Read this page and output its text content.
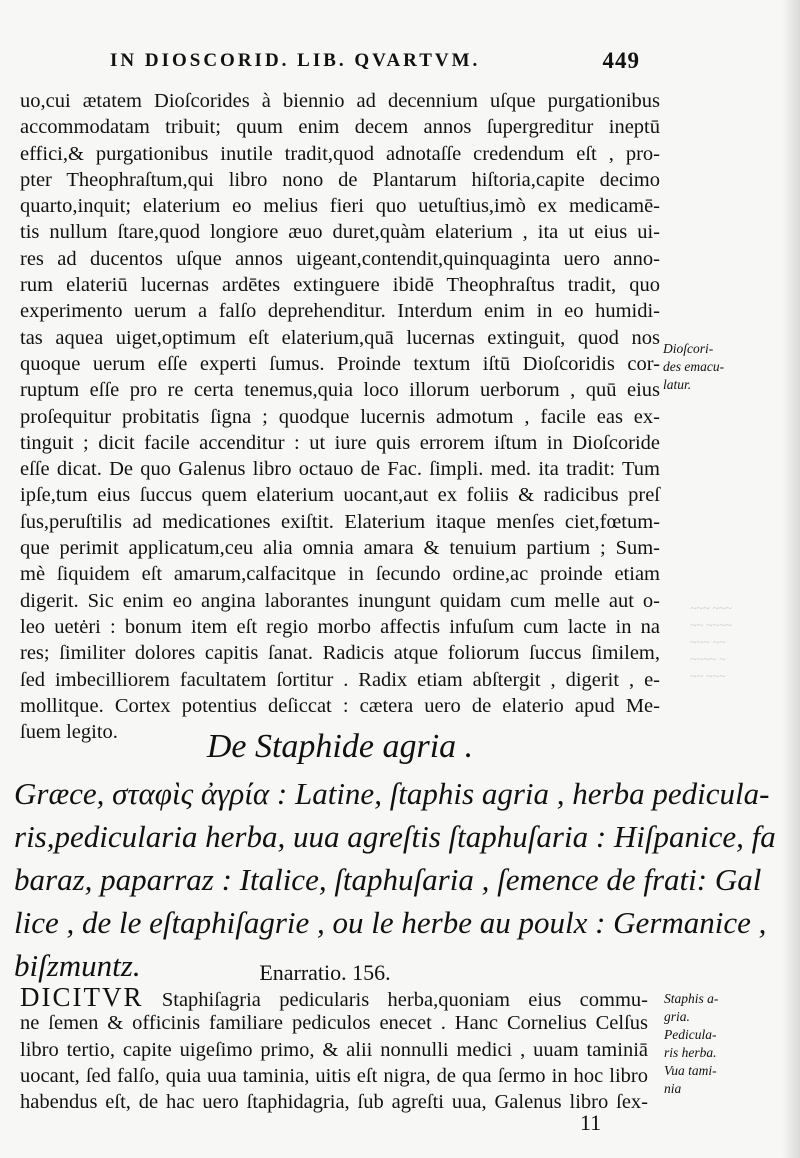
IN DIOSCORID. LIB. QVARTVM.	449
uo,cui ætatem Dioſcorides à biennio ad decennium uſque purgationibus
accommodatam tribuit; quum enim decem annos ſupergreditur ineptū
effici,& purgationibus inutile tradit,quod adnotaſſe credendum eſt , pro-
pter Theophraſtum,qui libro nono de Plantarum hiſtoria,capite decimo
quarto,inquit; elaterium eo melius fieri quo uetuſtius,imò ex medicamē-
tis nullum ſtare,quod longiore æuo duret,quàm elaterium , ita ut eius ui-
res ad ducentos uſque annos uigeant,contendit,quinquaginta uero anno-
rum elateriū lucernas ardētes extinguere ibidē Theophraſtus tradit, quo
experimento uerum a falſo deprehenditur. Interdum enim in eo humidi-
tas aquea uiget,optimum eſt elaterium,quā lucernas extinguit, quod nos
quoque uerum eſſe experti ſumus. Proinde textum iſtū Dioſcoridis cor-
ruptum eſſe pro re certa tenemus,quia loco illorum uerborum , quū eius
proſequitur probitatis ſigna ; quodque lucernis admotum , facile eas ex-
tinguit ; dicit facile accenditur : ut iure quis errorem iſtum in Dioſcoride
eſſe dicat. De quo Galenus libro octauo de Fac. ſimpli. med. ita tradit: Tum
ipſe,tum eius ſuccus quem elaterium uocant,aut ex foliis & radicibus preſ
ſus,peruſtilis ad medicationes exiſtit. Elaterium itaque menſes ciet,fœtum-
que perimit applicatum,ceu alia omnia amara & tenuium partium ; Sum-
mè ſiquidem eſt amarum,calfacitque in ſecundo ordine,ac proinde etiam
digerit. Sic enim eo angina laborantes inungunt quidam cum melle aut o-
leo uetėri : bonum item eſt regio morbo affectis infuſum cum lacte in na
res; ſimiliter dolores capitis ſanat. Radicis atque foliorum ſuccus ſimilem,
ſed imbecilliorem facultatem ſortitur . Radix etiam abſtergit , digerit , e-
mollitque. Cortex potentius deſiccat : cætera uero de elaterio apud Me-
ſuem legito.	De Staphide agria .
Græce, σταφὶς ἀγρία : Latine, ſtaphis agria , herba pedicula-
ris,pedicularia herba, uua agreſtis ſtaphuſaria : Hiſpanice, fa
baraz, paparraz : Italice, ſtaphuſaria , ſemence de frati: Gal
lice , de le eſtaphiſagrie , ou le herbe au poulx : Germanice ,
biſzmuntz.	Enarratio. 156.
DICITVR Staphiſagria pedicularis herba,quoniam eius commu-
ne ſemen & officinis familiare pediculos enecet . Hanc Cornelius Celſus
libro tertio, capite uigeſimo primo, & alii nonnulli medici , uuam taminiā
uocant, ſed falſo, quia uua taminia, uitis eſt nigra, de qua ſermo in hoc libro
habendus eſt, de hac uero ſtaphidagria, ſub agreſti uua, Galenus libro ſex-
Dioſcori-
des emacu-
latur.
Staphis a-
gria.
Pedicula-
ris herba.
Vua tami-
nia
~~~ ~~~
~~ ~~~~
~~~ ~~
~~~~ ~
~~ ~~~
11
